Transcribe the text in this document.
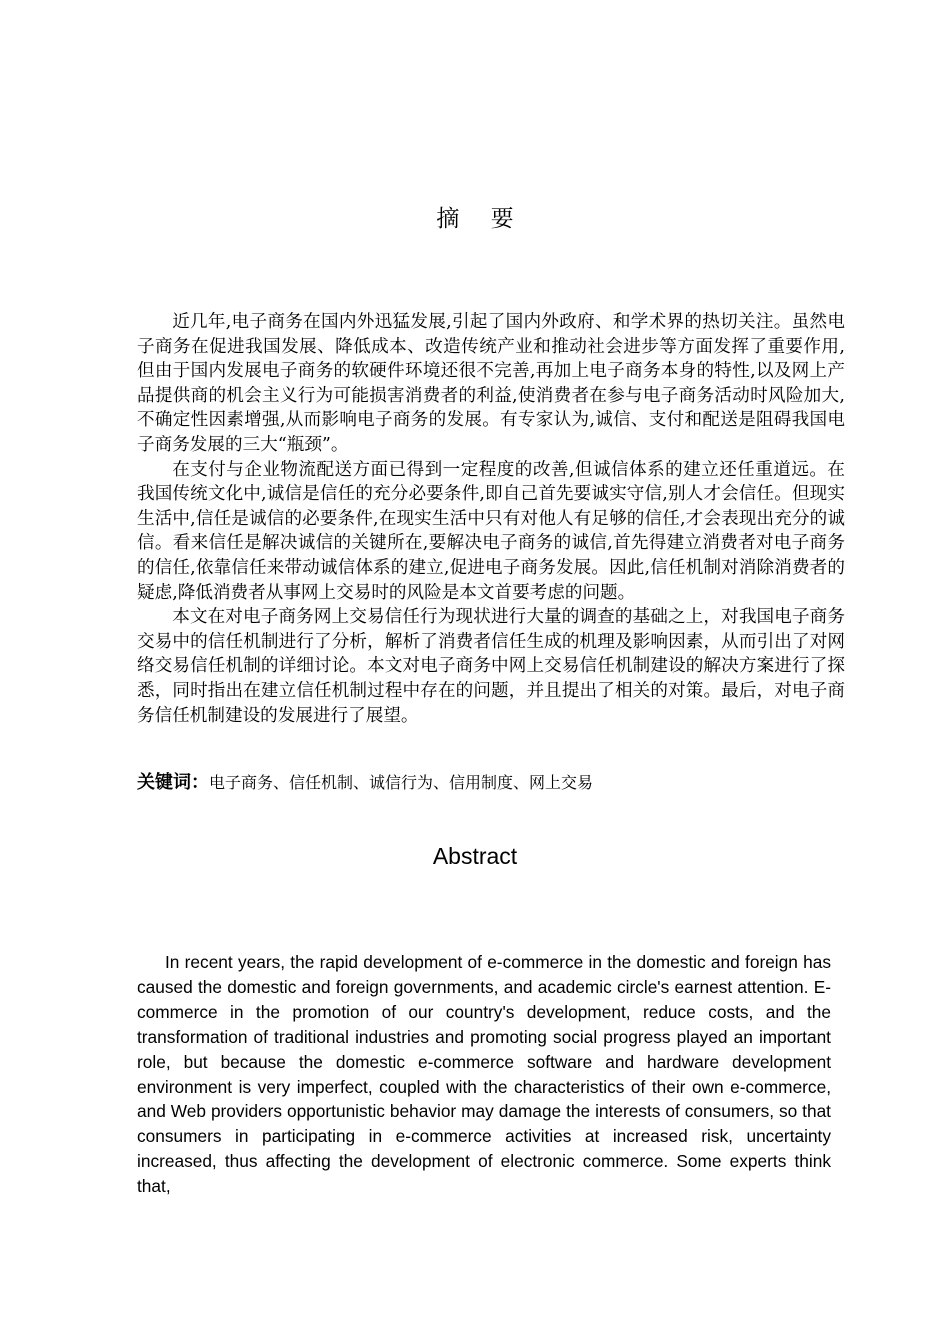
摘 要

近几年,电子商务在国内外迅猛发展,引起了国内外政府、和学术界的热切关注。虽然电子商务在促进我国发展、降低成本、改造传统产业和推动社会进步等方面发挥了重要作用,但由于国内发展电子商务的软硬件环境还很不完善,再加上电子商务本身的特性,以及网上产品提供商的机会主义行为可能损害消费者的利益,使消费者在参与电子商务活动时风险加大,不确定性因素增强,从而影响电子商务的发展。有专家认为,诚信、支付和配送是阻碍我国电子商务发展的三大“瓶颈”。

在支付与企业物流配送方面已得到一定程度的改善,但诚信体系的建立还任重道远。在我国传统文化中,诚信是信任的充分必要条件,即自己首先要诚实守信,别人才会信任。但现实生活中,信任是诚信的必要条件,在现实生活中只有对他人有足够的信任,才会表现出充分的诚信。看来信任是解决诚信的关键所在,要解决电子商务的诚信,首先得建立消费者对电子商务的信任,依靠信任来带动诚信体系的建立,促进电子商务发展。因此,信任机制对消除消费者的疑虑,降低消费者从事网上交易时的风险是本文首要考虑的问题。

本文在对电子商务网上交易信任行为现状进行大量的调查的基础之上，对我国电子商务交易中的信任机制进行了分析，解析了消费者信任生成的机理及影响因素，从而引出了对网络交易信任机制的详细讨论。本文对电子商务中网上交易信任机制建设的解决方案进行了探悉，同时指出在建立信任机制过程中存在的问题，并且提出了相关的对策。最后，对电子商务信任机制建设的发展进行了展望。

关键词：电子商务、信任机制、诚信行为、信用制度、网上交易
Abstract

In recent years, the rapid development of e-commerce in the domestic and foreign has caused the domestic and foreign governments, and academic circle's earnest attention. E-commerce in the promotion of our country's development, reduce costs, and the transformation of traditional industries and promoting social progress played an important role, but because the domestic e-commerce software and hardware development environment is very imperfect, coupled with the characteristics of their own e-commerce, and Web providers opportunistic behavior may damage the interests of consumers, so that consumers in participating in e-commerce activities at increased risk, uncertainty increased, thus affecting the development of electronic commerce. Some experts think that,
